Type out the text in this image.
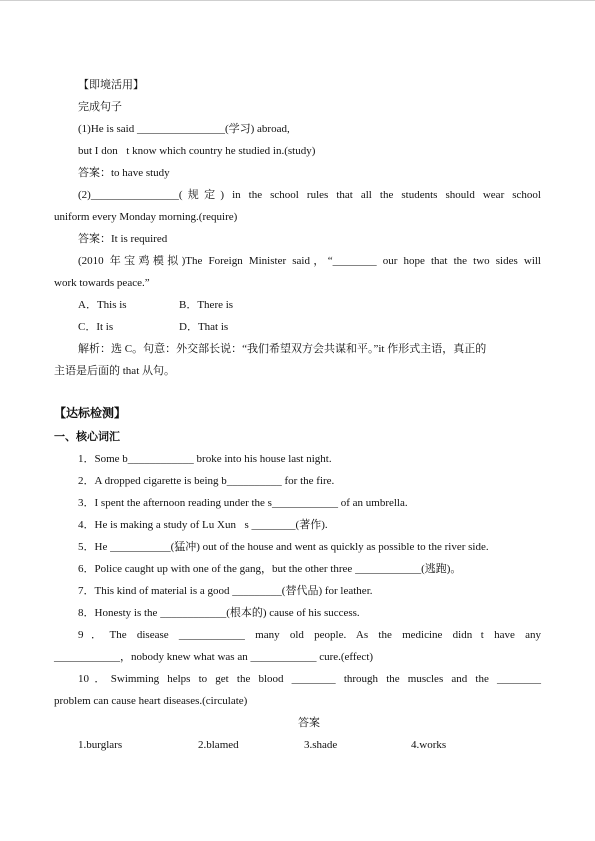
【即境活用】
完成句子
(1)He is said ________________(学习) abroad,
but I don t know which country he studied in.(study)
答案：to have study
(2)________________(规定) in the school rules that all the students should wear school
uniform every Monday morning.(require)
答案：It is required
(2010 年宝鸡模拟)The Foreign Minister said，“________ our hope that the two sides will
work towards peace.”
A．This is	B．There is
C．It is	D．That is
解析：选 C。句意：外交部长说：“我们希望双方会共谋和平。”it 作形式主语，真正的
主语是后面的 that 从句。
【达标检测】
一、核心词汇
1．Some b____________ broke into his house last night.
2．A dropped cigarette is being b__________ for the fire.
3．I spent the afternoon reading under the s____________ of an umbrella.
4．He is making a study of Lu Xun s ________(著作).
5．He ___________(猛冲) out of the house and went as quickly as possible to the river side.
6．Police caught up with one of the gang，but the other three ____________(逃跑)。
7．This kind of material is a good _________(替代品) for leather.
8．Honesty is the ____________(根本的) cause of his success.
9．The disease ____________ many old people. As the medicine didn t have any
____________，nobody knew what was an ____________ cure.(effect)
10．Swimming helps to get the blood ________ through the muscles and the ________
problem can cause heart diseases.(circulate)
答案
1.burglars	2.blamed	3.shade	4.works
